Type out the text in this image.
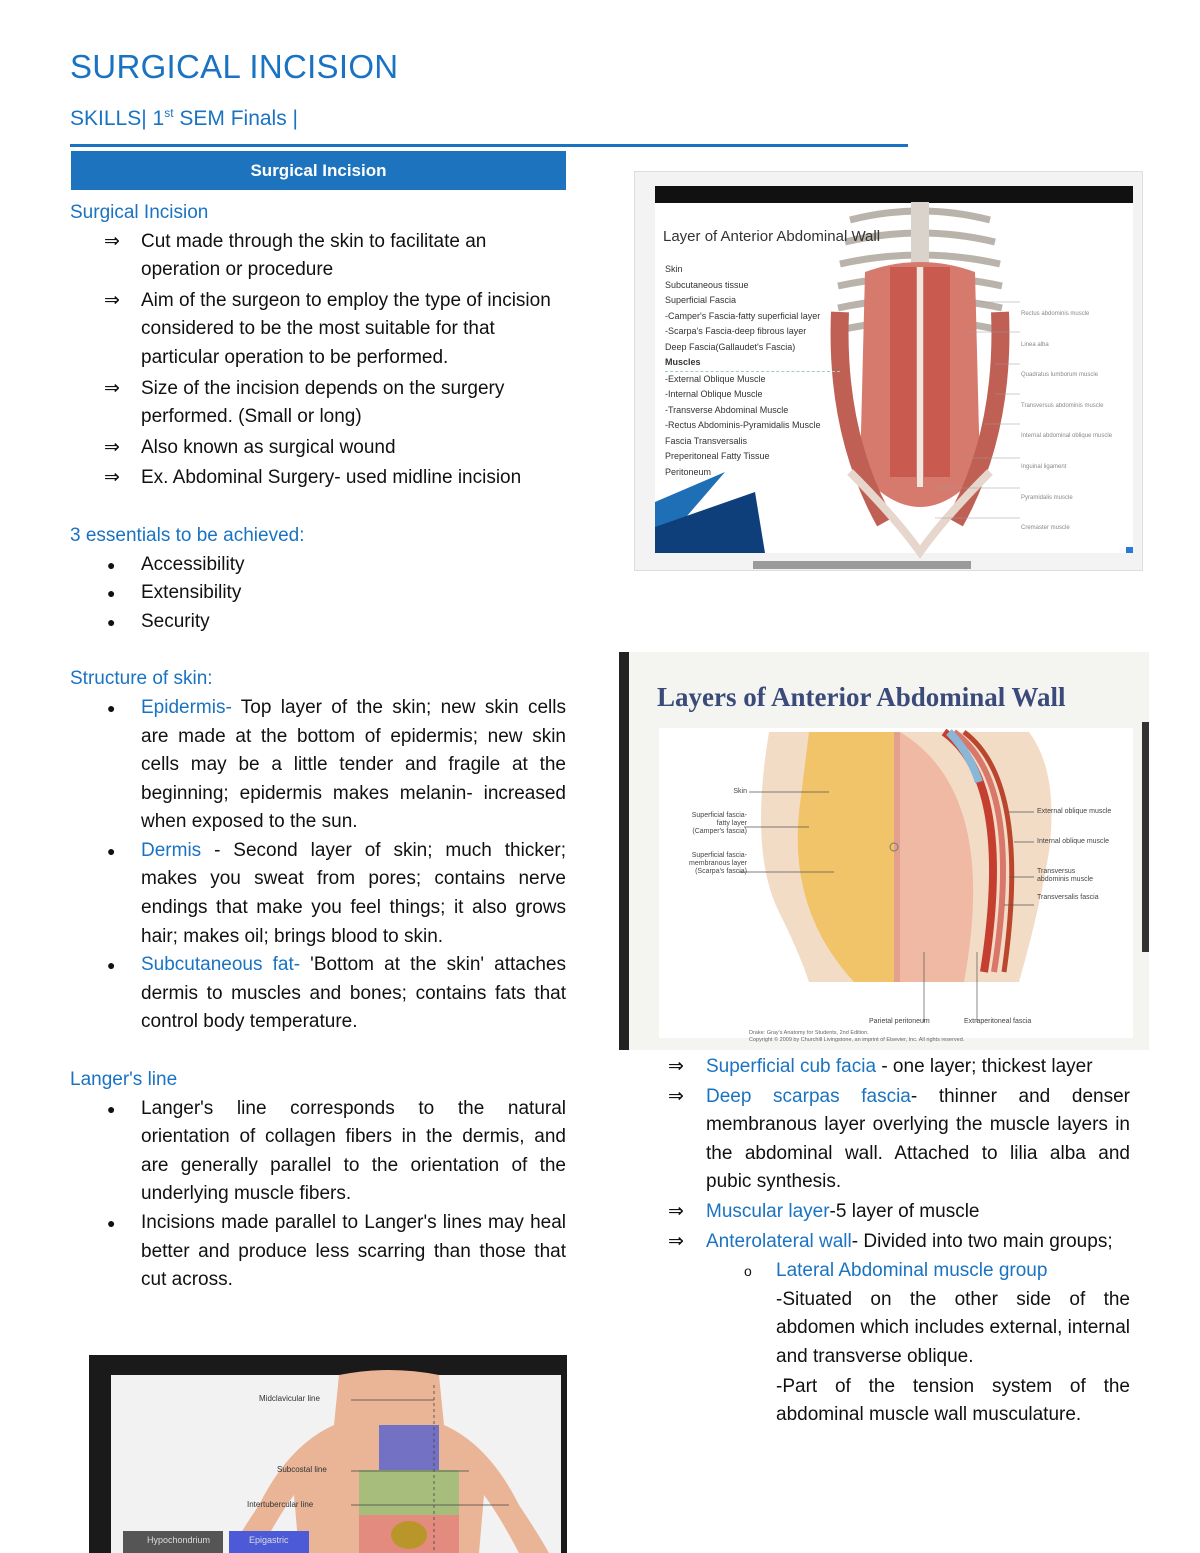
SURGICAL INCISION
SKILLS| 1st SEM Finals |
Surgical Incision
Surgical Incision
⇒	Cut made through the skin to facilitate an operation or procedure
⇒	Aim of the surgeon to employ the type of incision considered to be the most suitable for that particular operation to be performed.
⇒	Size of the incision depends on the surgery performed. (Small or long)
⇒	Also known as surgical wound
⇒	Ex. Abdominal Surgery- used midline incision
3 essentials to be achieved:
●	Accessibility
●	Extensibility
●	Security
Structure of skin:
●	Epidermis- Top layer of the skin; new skin cells are made at the bottom of epidermis; new skin cells may be a little tender and fragile at the beginning; epidermis makes melanin- increased when exposed to the sun.
●	Dermis - Second layer of skin; much thicker; makes you sweat from pores; contains nerve endings that make you feel things; it also grows hair; makes oil; brings blood to skin.
●	Subcutaneous fat- 'Bottom at the skin' attaches dermis to muscles and bones; contains fats that control body temperature.
Langer's line
●	Langer's line corresponds to the natural orientation of collagen fibers in the dermis, and are generally parallel to the orientation of the underlying muscle fibers.
●	Incisions made parallel to Langer's lines may heal better and produce less scarring than those that cut across.
Layer of Anterior Abdominal Wall
Skin
Subcutaneous tissue
Superficial Fascia
-Camper's Fascia-fatty superficial layer
-Scarpa's Fascia-deep fibrous layer
Deep Fascia(Gallaudet's Fascia)
Muscles
-External Oblique Muscle
-Internal Oblique Muscle
-Transverse Abdominal Muscle
-Rectus Abdominis-Pyramidalis Muscle
Fascia Transversalis
Preperitoneal Fatty Tissue
Peritoneum
Rectus abdominis muscle
Linea alba
Quadratus lumborum muscle
Transversus abdominis muscle
Internal abdominal oblique muscle
Inguinal ligament
Pyramidalis muscle
Cremaster muscle
Layers of Anterior Abdominal Wall
Skin
Superficial fascia-
fatty layer
(Camper's fascia)
Superficial fascia-
membranous layer
(Scarpa's fascia)
External oblique muscle
Internal oblique muscle
Transversus
abdominis muscle
Transversalis fascia
Parietal peritoneum	Extraperitoneal fascia
Drake: Gray's Anatomy for Students, 2nd Edition.
Copyright © 2009 by Churchill Livingstone, an imprint of Elsevier, Inc. All rights reserved.
Midclavicular line
Subcostal line
Intertubercular line
Hypochondrium	Epigastric
⇒	Superficial cub facia - one layer; thickest layer
⇒	Deep scarpas fascia- thinner and denser membranous layer overlying the muscle layers in the abdominal wall. Attached to lilia alba and pubic synthesis.
⇒	Muscular layer-5 layer of muscle
⇒	Anterolateral wall- Divided into two main groups;
o	Lateral Abdominal muscle group
-Situated on the other side of the abdomen which includes external, internal and transverse oblique.
-Part of the tension system of the abdominal muscle wall musculature.
